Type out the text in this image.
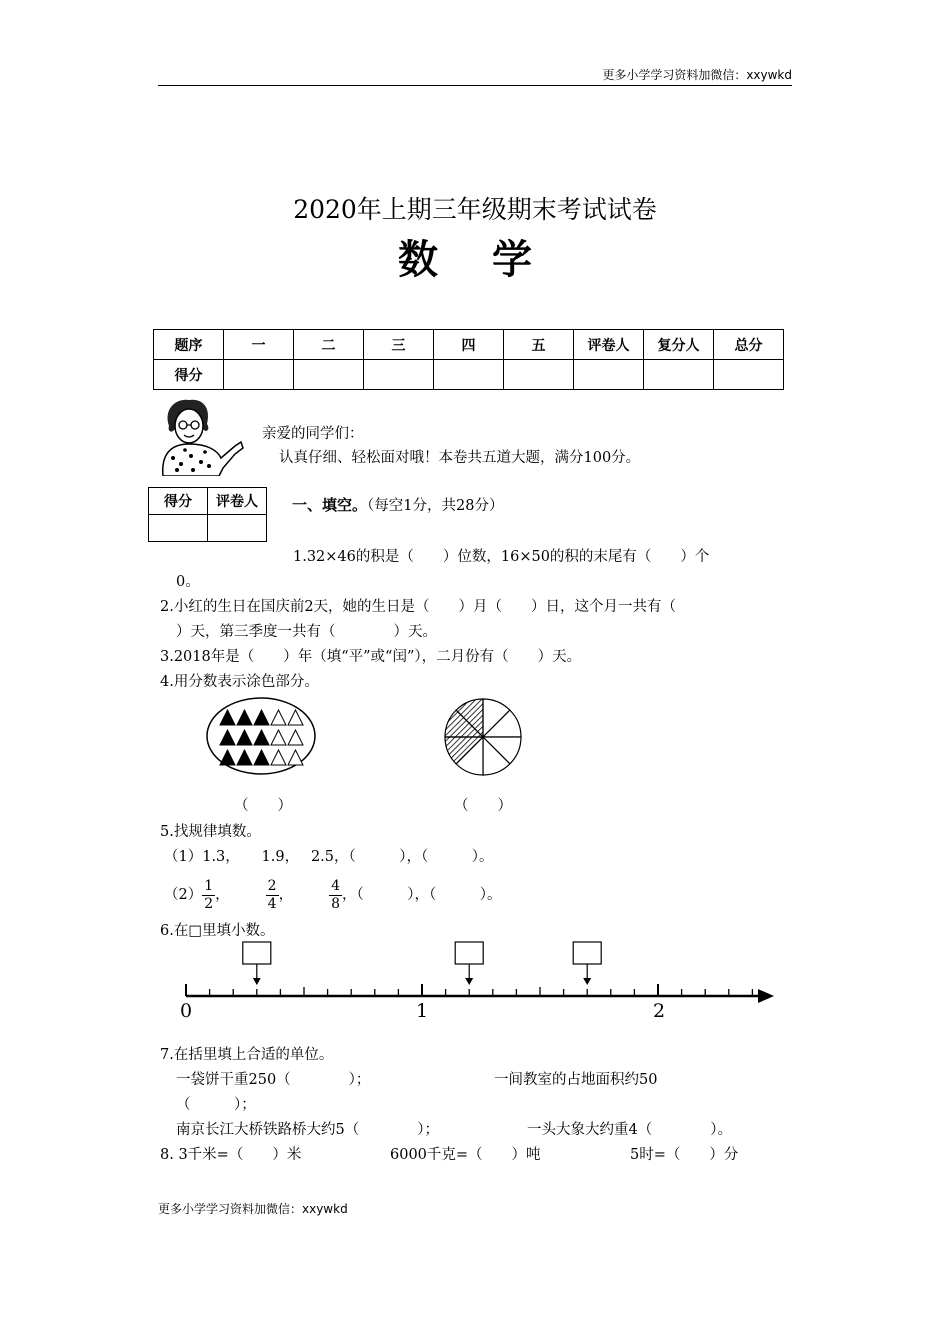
更多小学学习资料加微信：xxywkd
2020年上期三年级期末考试试卷
数 学
题序	一	二	三	四	五	评卷人	复分人	总分
得分								
亲爱的同学们：
认真仔细、轻松面对哦！本卷共五道大题，满分100分。
得分	评卷人
	一、填空。（每空1分，共28分）
1.32×46的积是（　　）位数，16×50的积的末尾有（　　）个
0。
2.小红的生日在国庆前2天，她的生日是（　　）月（　　）日，这个月一共有（
）天，第三季度一共有（　　　　）天。
3.2018年是（　　）年（填“平”或“闰”），二月份有（　　）天。
4.用分数表示涂色部分。
（　　）	（　　）
5.找规律填数。
（1）1.3，　　1.9，　 2.5，（　　　），（　　　）。
$(2) \frac{1}{2}$ ，	$\frac{2}{4}$ ，	$\frac{4}{8}$ ，（　　　），（　　　）。
6.在□里填小数。
0	1	2
7.在括里填上合适的单位。
一袋饼干重250（　　　　）；	一间教室的占地面积约50
（　　　）；
南京长江大桥铁路桥大约5（　　　　）；	一头大象大约重4（　　　　）。
8. 3千米=（　　）米	6000千克=（　　）吨	5时=（　　）分
更多小学学习资料加微信：xxywkd
